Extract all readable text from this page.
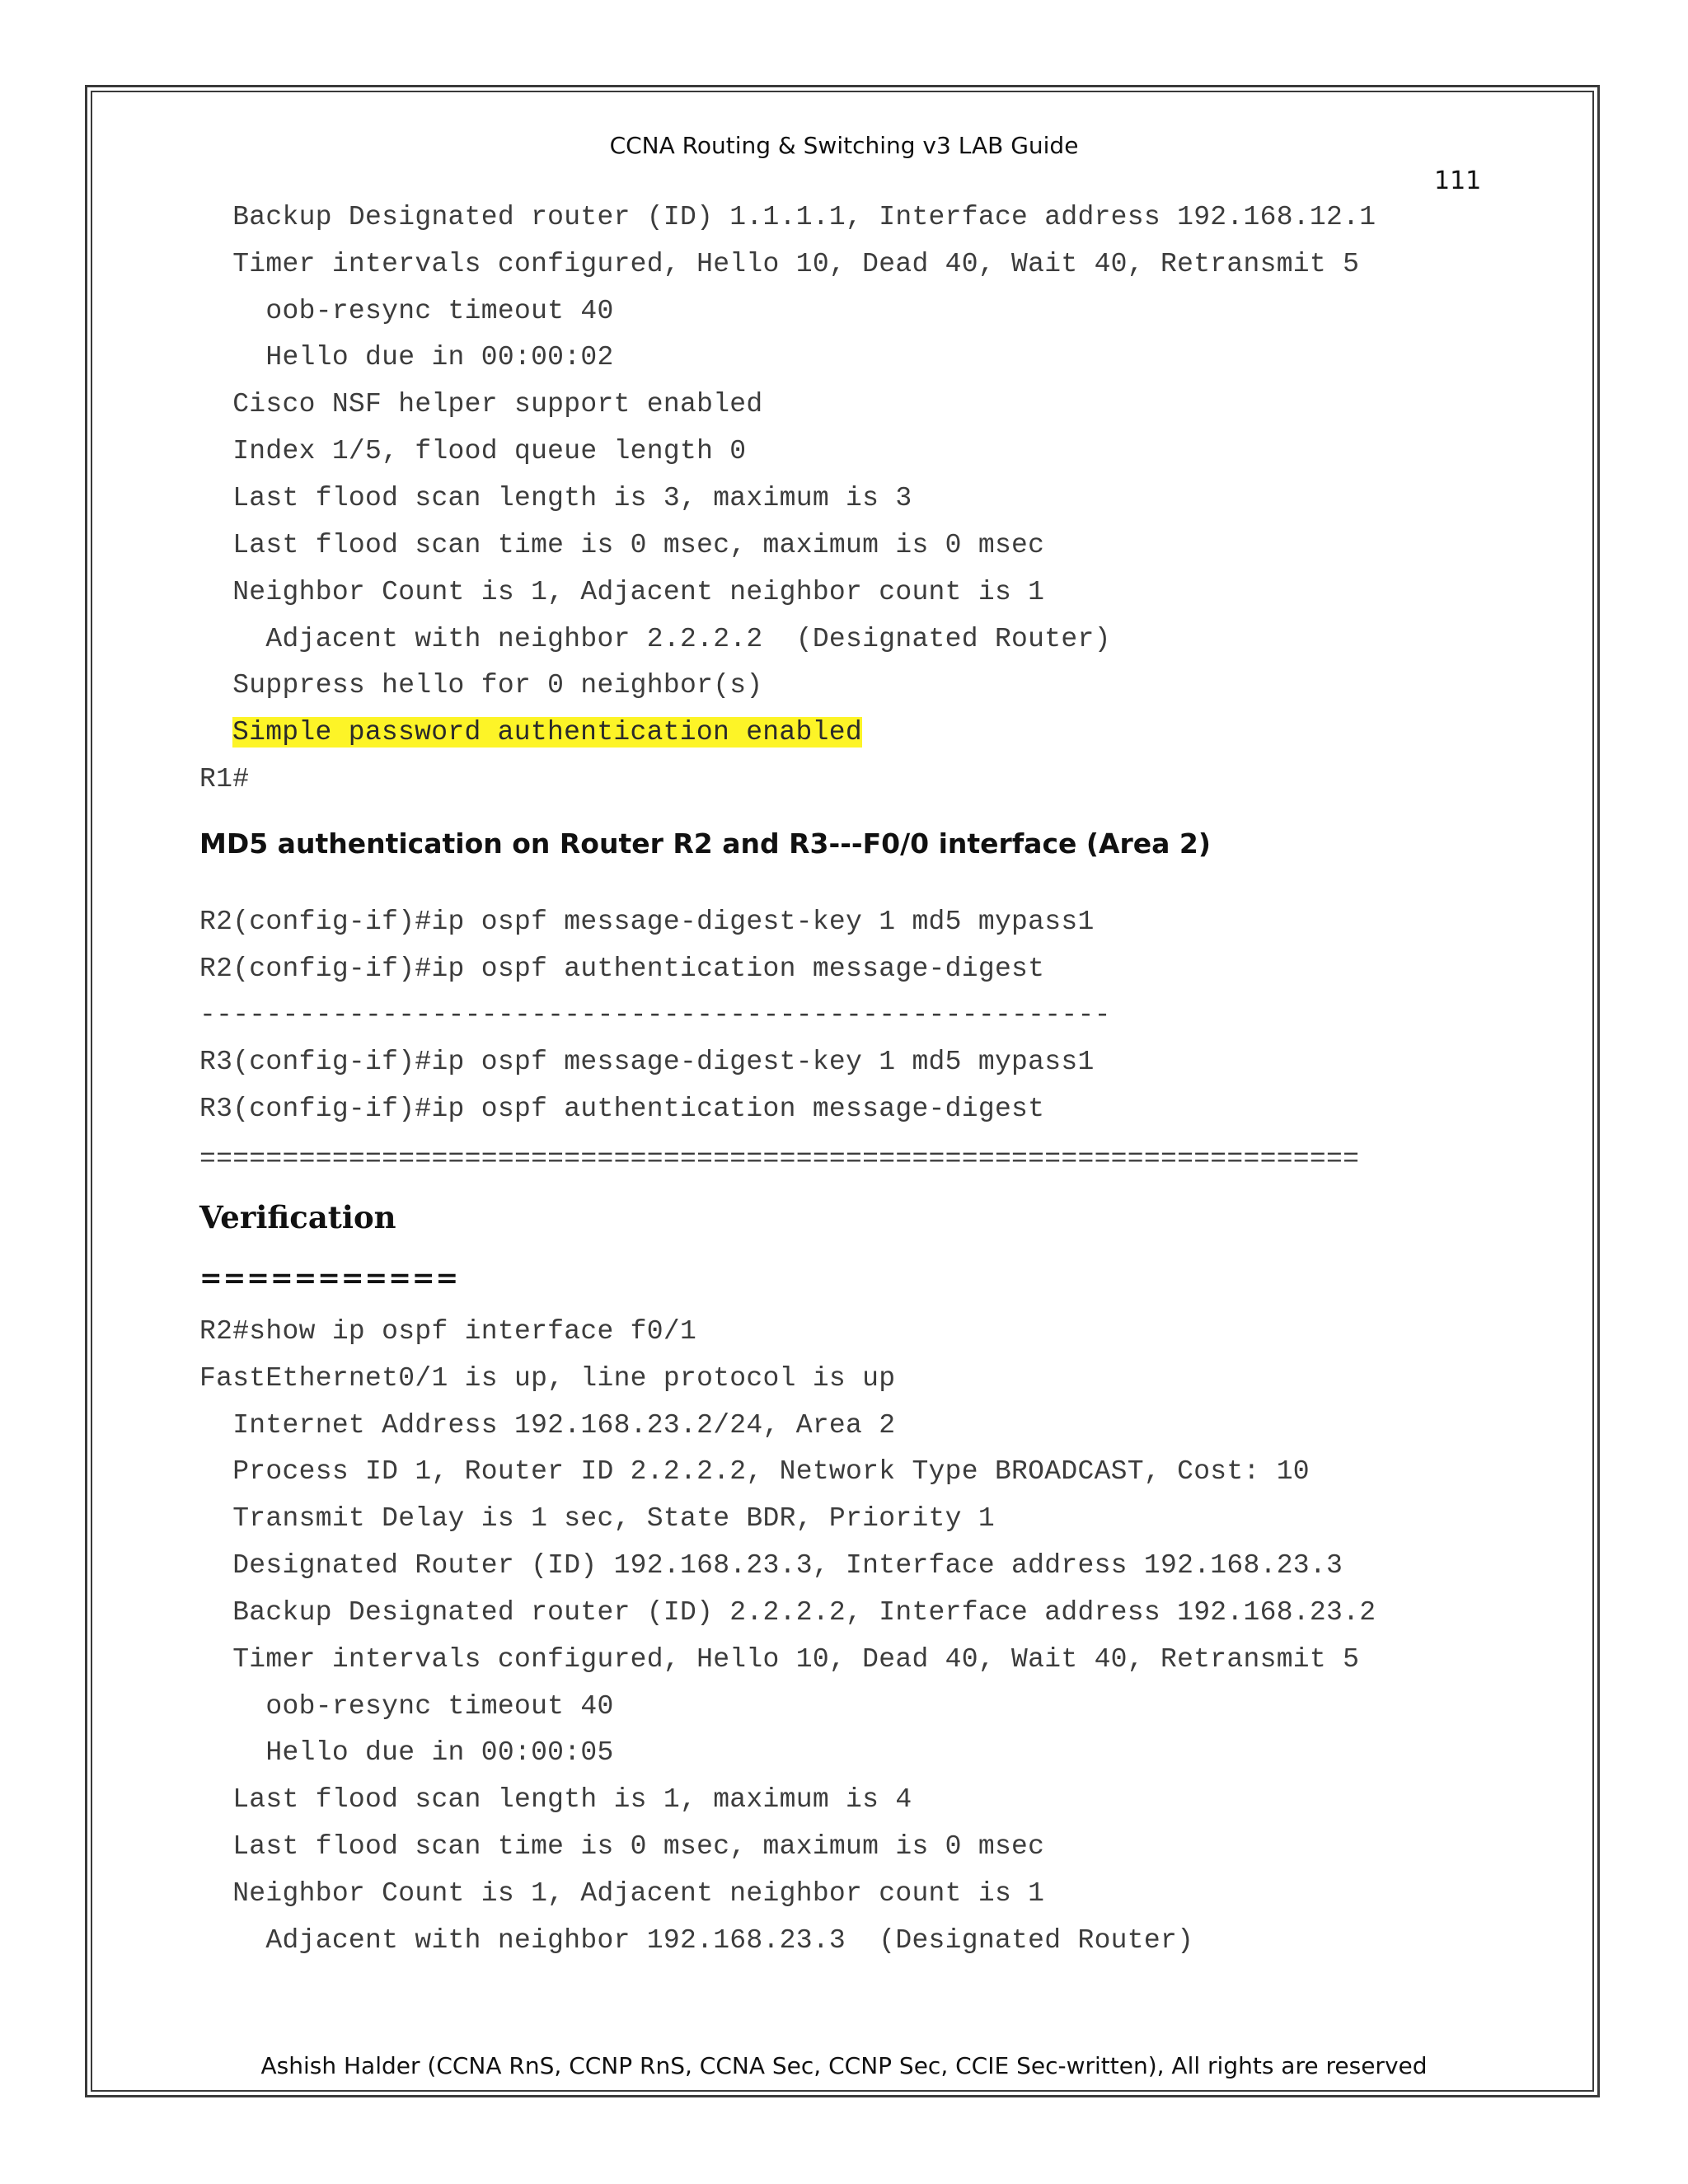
CCNA Routing & Switching v3 LAB Guide
111
Backup Designated router (ID) 1.1.1.1, Interface address 192.168.12.1
Timer intervals configured, Hello 10, Dead 40, Wait 40, Retransmit 5
oob-resync timeout 40
Hello due in 00:00:02
Cisco NSF helper support enabled
Index 1/5, flood queue length 0
Last flood scan length is 3, maximum is 3
Last flood scan time is 0 msec, maximum is 0 msec
Neighbor Count is 1, Adjacent neighbor count is 1
Adjacent with neighbor 2.2.2.2  (Designated Router)
Suppress hello for 0 neighbor(s)
Simple password authentication enabled
R1#
MD5 authentication on Router R2 and R3---F0/0 interface (Area 2)
R2(config-if)#ip ospf message-digest-key 1 md5 mypass1
R2(config-if)#ip ospf authentication message-digest
-------------------------------------------------------
R3(config-if)#ip ospf message-digest-key 1 md5 mypass1
R3(config-if)#ip ospf authentication message-digest
======================================================================
Verification
===========
R2#show ip ospf interface f0/1
FastEthernet0/1 is up, line protocol is up
Internet Address 192.168.23.2/24, Area 2
Process ID 1, Router ID 2.2.2.2, Network Type BROADCAST, Cost: 10
Transmit Delay is 1 sec, State BDR, Priority 1
Designated Router (ID) 192.168.23.3, Interface address 192.168.23.3
Backup Designated router (ID) 2.2.2.2, Interface address 192.168.23.2
Timer intervals configured, Hello 10, Dead 40, Wait 40, Retransmit 5
oob-resync timeout 40
Hello due in 00:00:05
Last flood scan length is 1, maximum is 4
Last flood scan time is 0 msec, maximum is 0 msec
Neighbor Count is 1, Adjacent neighbor count is 1
Adjacent with neighbor 192.168.23.3  (Designated Router)
Ashish Halder (CCNA RnS, CCNP RnS, CCNA Sec, CCNP Sec, CCIE Sec-written), All rights are reserved
